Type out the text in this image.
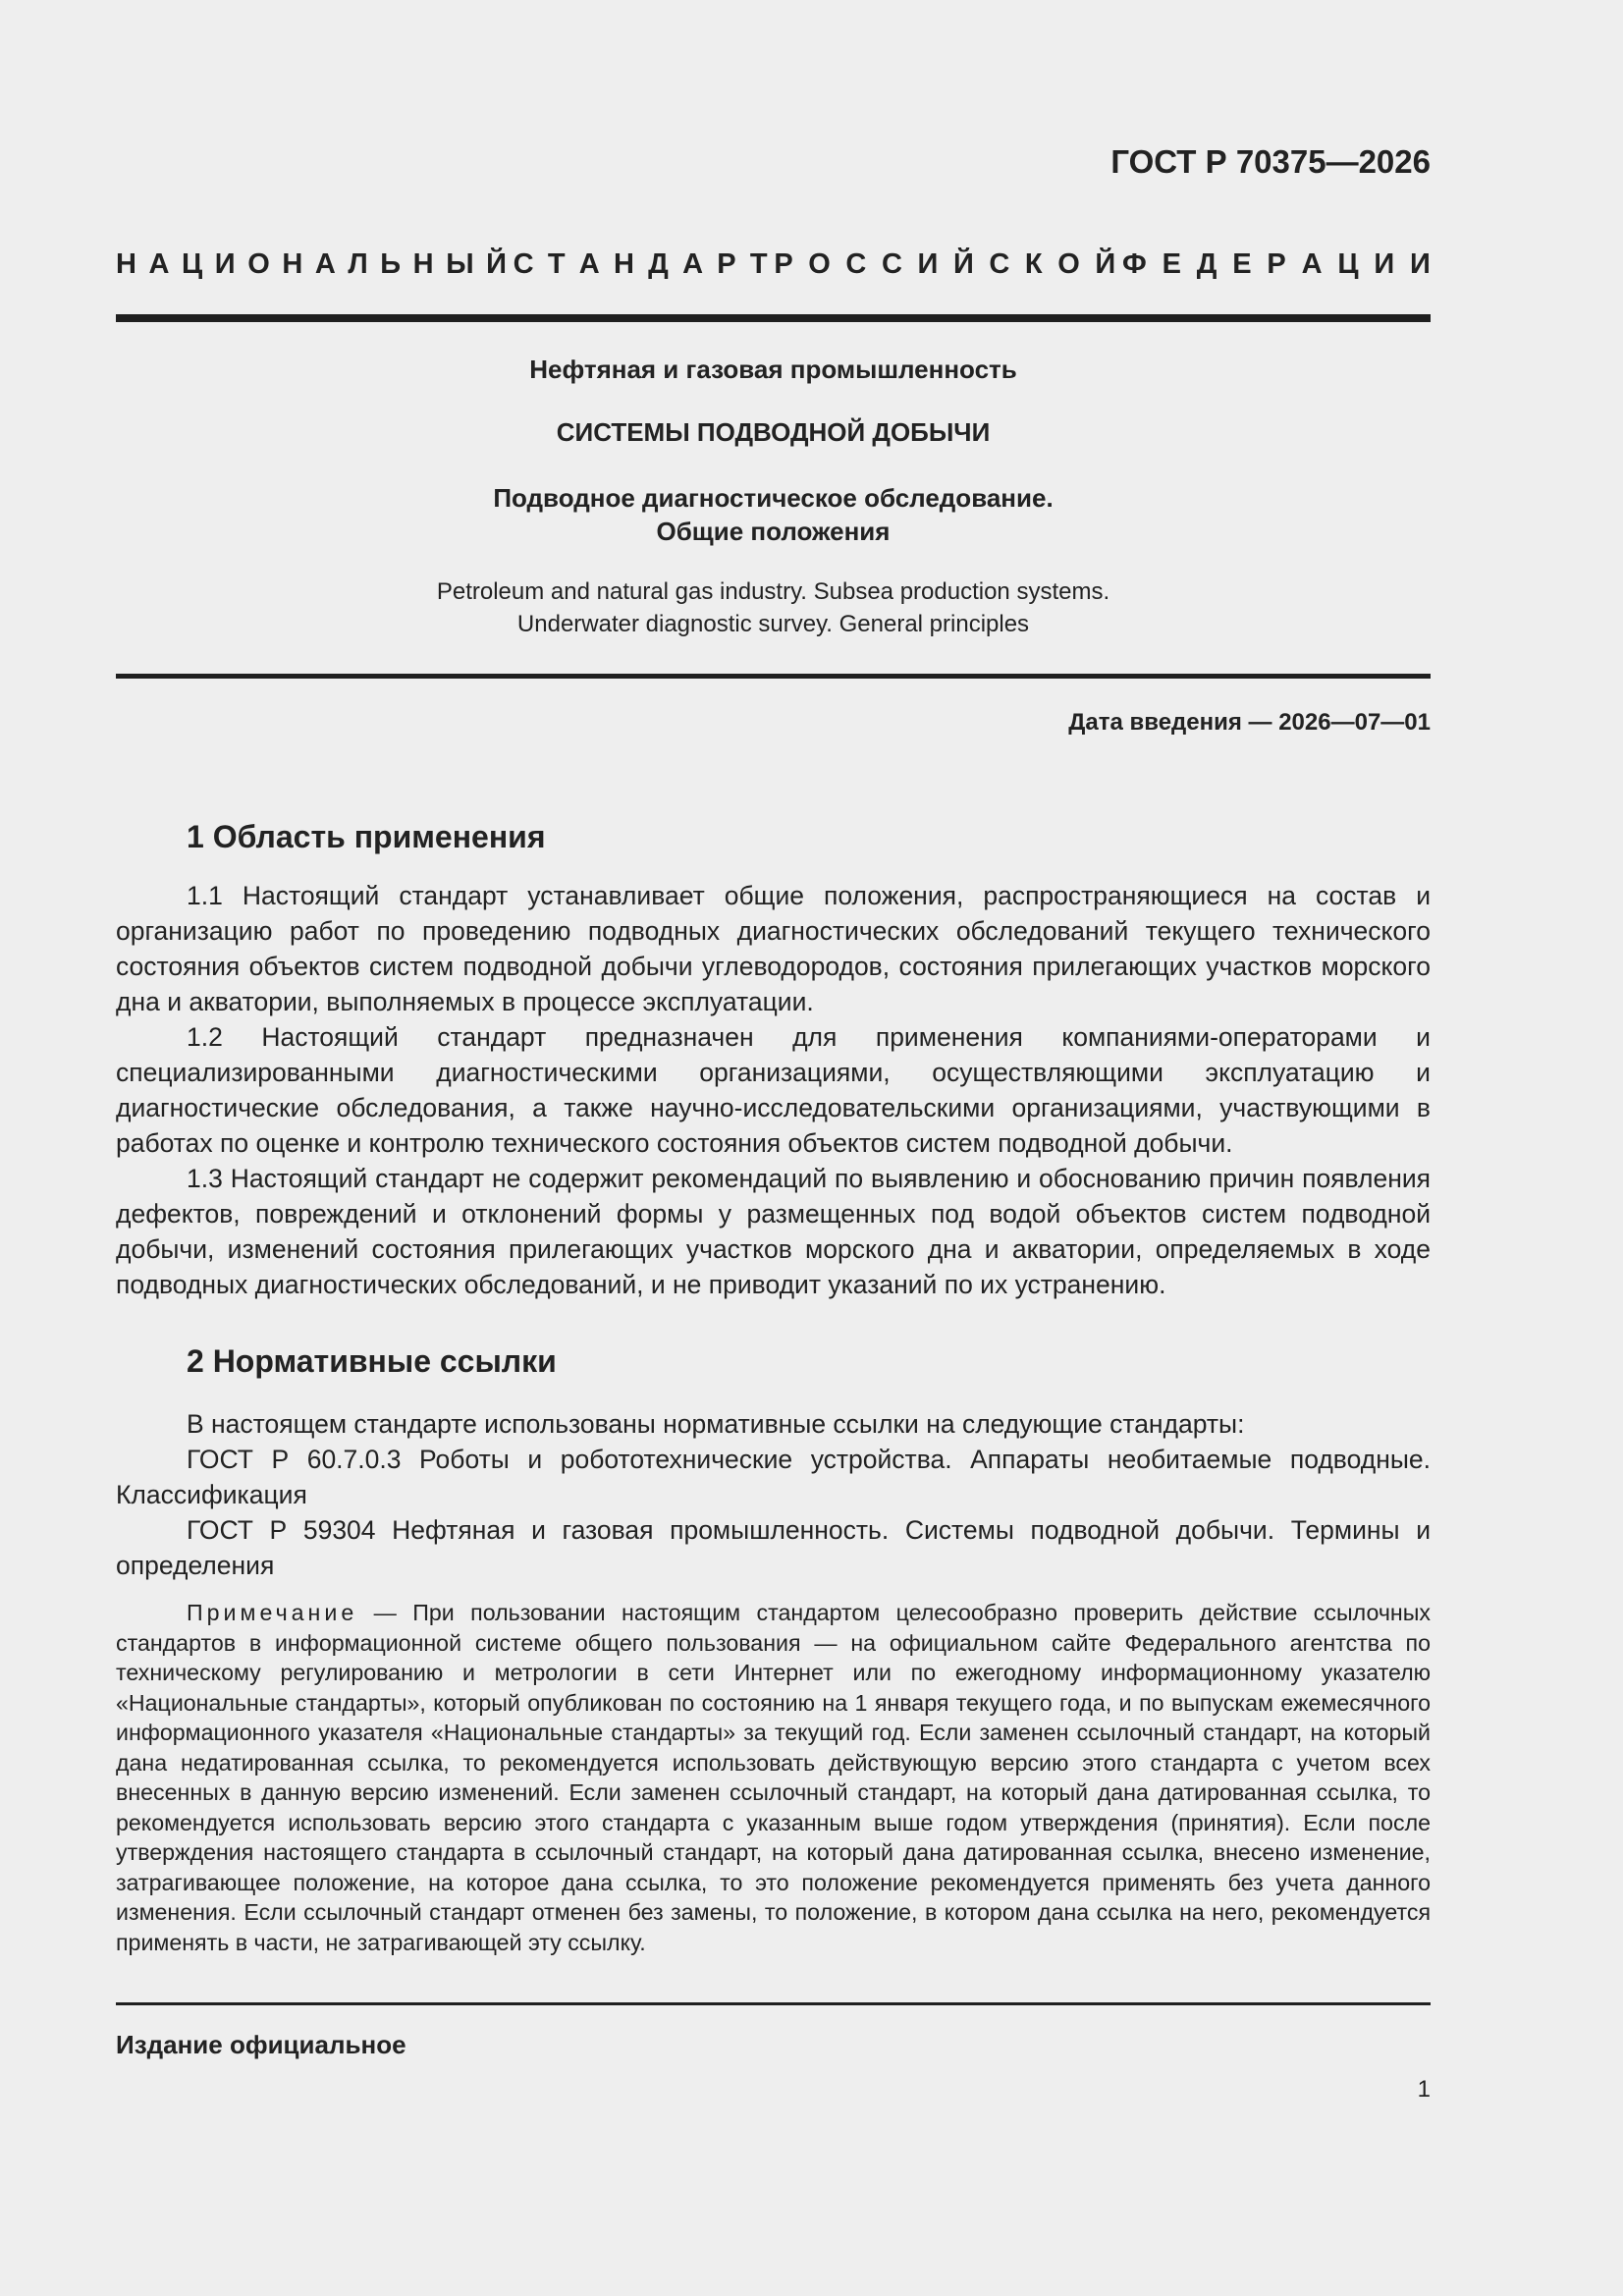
ГОСТ Р 70375—2026
Н А Ц И О Н А Л Ь Н Ы Й С Т А Н Д А Р Т Р О С С И Й С К О Й Ф Е Д Е Р А Ц И И
Нефтяная и газовая промышленность
СИСТЕМЫ ПОДВОДНОЙ ДОБЫЧИ
Подводное диагностическое обследование.
Общие положения
Petroleum and natural gas industry. Subsea production systems.
Underwater diagnostic survey. General principles
Дата введения — 2026—07—01
1 Область применения

1.1 Настоящий стандарт устанавливает общие положения, распространяющиеся на состав и организацию работ по проведению подводных диагностических обследований текущего технического состояния объектов систем подводной добычи углеводородов, состояния прилегающих участков морского дна и акватории, выполняемых в процессе эксплуатации.

1.2 Настоящий стандарт предназначен для применения компаниями-операторами и специализированными диагностическими организациями, осуществляющими эксплуатацию и диагностические обследования, а также научно-исследовательскими организациями, участвующими в работах по оценке и контролю технического состояния объектов систем подводной добычи.

1.3 Настоящий стандарт не содержит рекомендаций по выявлению и обоснованию причин появления дефектов, повреждений и отклонений формы у размещенных под водой объектов систем подводной добычи, изменений состояния прилегающих участков морского дна и акватории, определяемых в ходе подводных диагностических обследований, и не приводит указаний по их устранению.

2 Нормативные ссылки

В настоящем стандарте использованы нормативные ссылки на следующие стандарты:

ГОСТ Р 60.7.0.3 Роботы и робототехнические устройства. Аппараты необитаемые подводные. Классификация

ГОСТ Р 59304 Нефтяная и газовая промышленность. Системы подводной добычи. Термины и определения

Примечание — При пользовании настоящим стандартом целесообразно проверить действие ссылочных стандартов в информационной системе общего пользования — на официальном сайте Федерального агентства по техническому регулированию и метрологии в сети Интернет или по ежегодному информационному указателю «Национальные стандарты», который опубликован по состоянию на 1 января текущего года, и по выпускам ежемесячного информационного указателя «Национальные стандарты» за текущий год. Если заменен ссылочный стандарт, на который дана недатированная ссылка, то рекомендуется использовать действующую версию этого стандарта с учетом всех внесенных в данную версию изменений. Если заменен ссылочный стандарт, на который дана датированная ссылка, то рекомендуется использовать версию этого стандарта с указанным выше годом утверждения (принятия). Если после утверждения настоящего стандарта в ссылочный стандарт, на который дана датированная ссылка, внесено изменение, затрагивающее положение, на которое дана ссылка, то это положение рекомендуется применять без учета данного изменения. Если ссылочный стандарт отменен без замены, то положение, в котором дана ссылка на него, рекомендуется применять в части, не затрагивающей эту ссылку.

Издание официальное
1
